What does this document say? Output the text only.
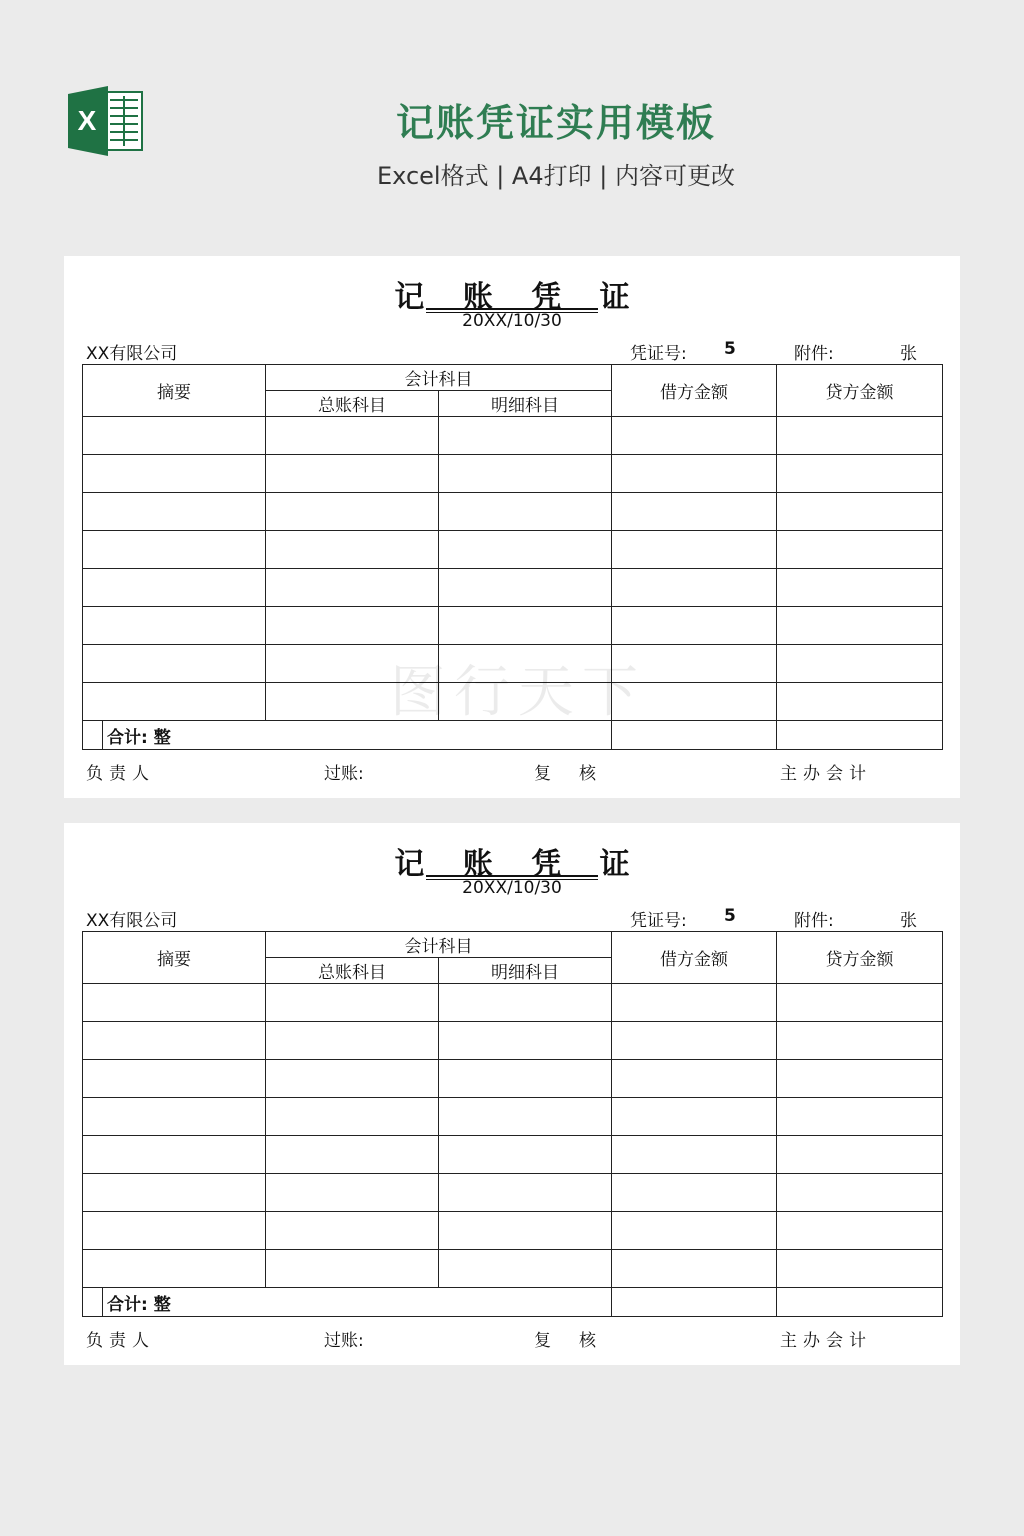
X	记账凭证实用模板
Excel格式 | A4打印 | 内容可更改
记 账 凭 证
20XX/10/30
XX有限公司	凭证号: 5	附件:	张
摘要		会计科目		借方金额	贷方金额
		总账科目	明细科目		

	合计: 整				
负责人	过账:	复核	主办会计
记 账 凭 证
20XX/10/30
XX有限公司	凭证号: 5	附件:	张
摘要		会计科目		借方金额	贷方金额
		总账科目	明细科目		

	合计: 整				
负责人	过账:	复核	主办会计
